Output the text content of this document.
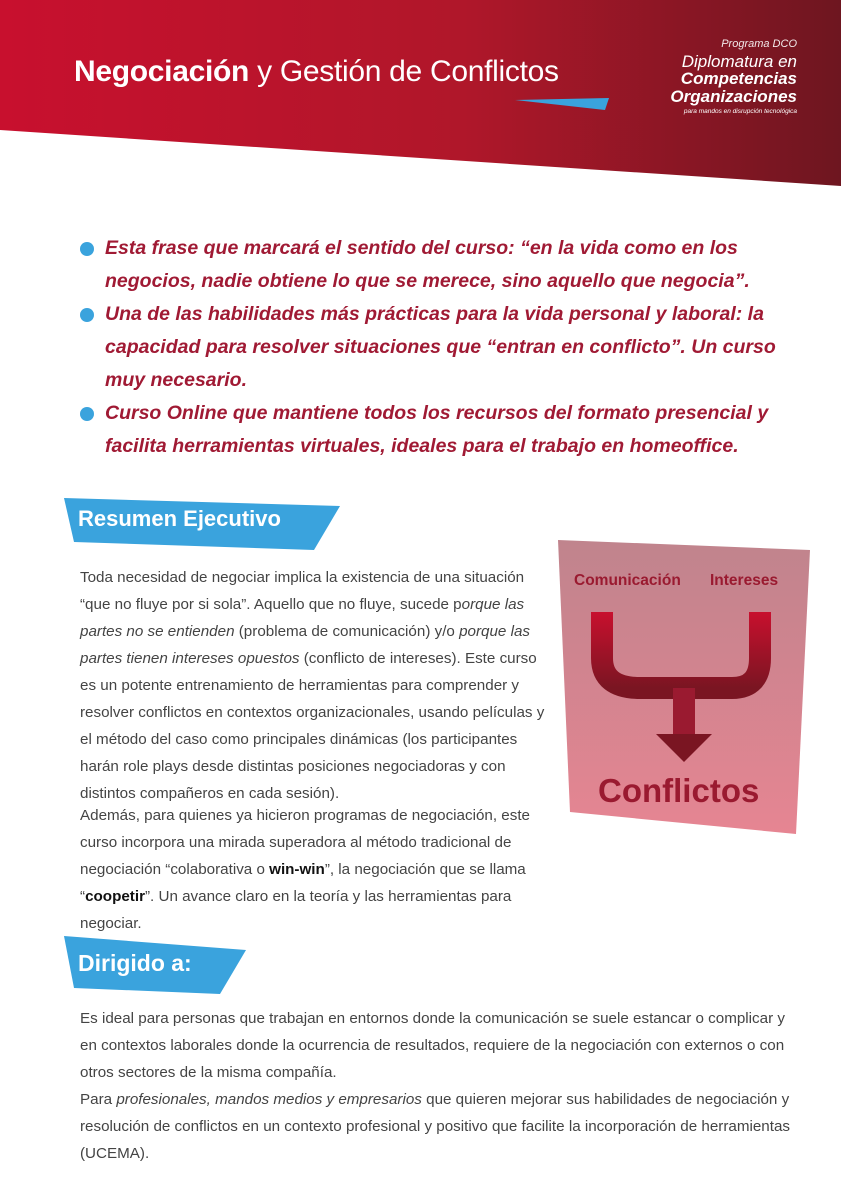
Negociación y Gestión de Conflictos
Programa DCO
Diplomatura en
Competencias
Organizaciones
para mandos en disrupción tecnológica
Esta frase que marcará el sentido del curso: “en la vida como en los negocios, nadie obtiene lo que se merece, sino aquello que negocia”.
Una de las habilidades más prácticas para la vida personal y laboral: la capacidad para resolver situaciones que “entran en conflicto”. Un curso muy necesario.
Curso Online que mantiene todos los recursos del formato presencial y facilita herramientas virtuales, ideales para el trabajo en homeoffice.
Resumen Ejecutivo

Toda necesidad de negociar implica la existencia de una situación “que no fluye por si sola”. Aquello que no fluye, sucede porque las partes no se entienden (problema de comunicación) y/o porque las partes tienen intereses opuestos (conflicto de intereses). Este curso es un potente entrenamiento de herramientas para comprender y resolver conflictos en contextos organizacionales, usando películas y el método del caso como principales dinámicas (los participantes harán role plays desde distintas posiciones negociadoras y con distintos compañeros en cada sesión).

Además, para quienes ya hicieron programas de negociación, este curso incorpora una mirada superadora al método tradicional de negociación “colaborativa o win-win”, la negociación que se llama “coopetir”. Un avance claro en la teoría y las herramientas para negociar.

Comunicación Intereses
Conflictos
Dirigido a:

Es ideal para personas que trabajan en entornos donde la comunicación se suele estancar o complicar y en contextos laborales donde la ocurrencia de resultados, requiere de la negociación con externos o con otros sectores de la misma compañía.

Para profesionales, mandos medios y empresarios que quieren mejorar sus habilidades de negociación y resolución de conflictos en un contexto profesional y positivo que facilite la incorporación de herramientas (UCEMA).
